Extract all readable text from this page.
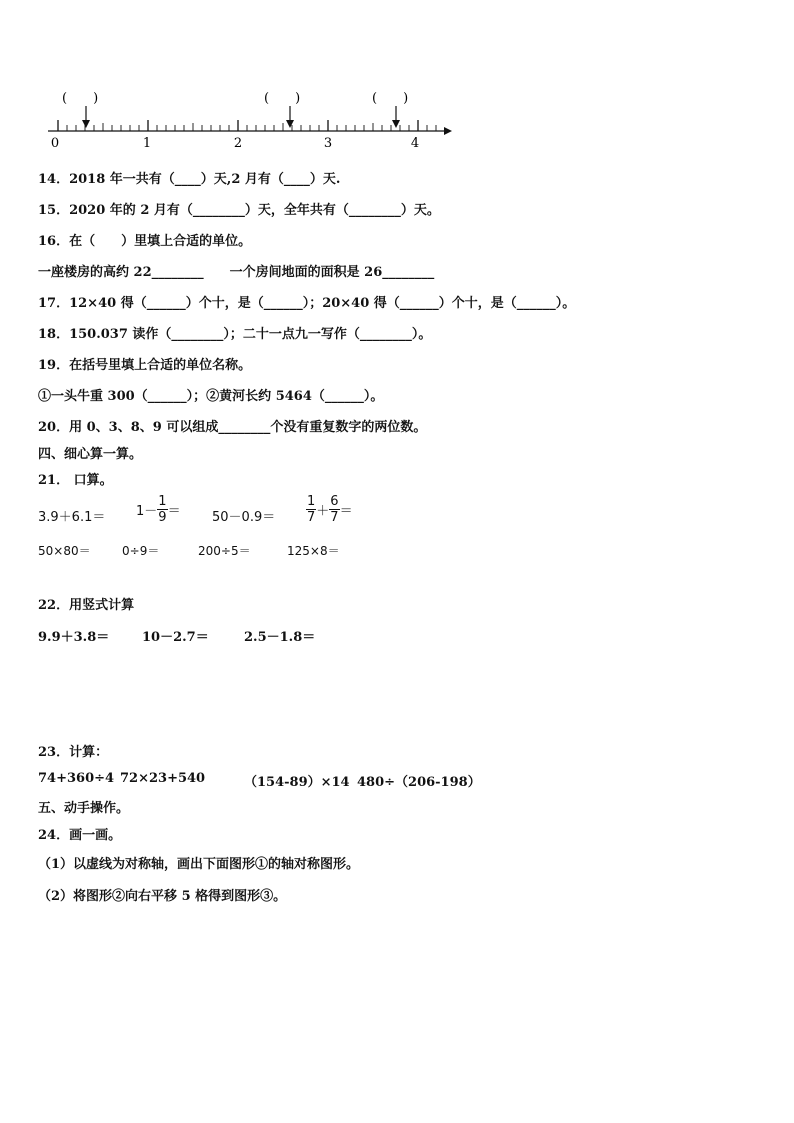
(　　)	(　　)	(　　)
0	1	2	3	4
14．2018 年一共有（____）天,2 月有（____）天.
15．2020 年的 2 月有（________）天，全年共有（________）天。
16．在（　　）里填上合适的单位。
一座楼房的高约 22________　　一个房间地面的面积是 26________
17．12×40 得（______）个十，是（______）；20×40 得（______）个十，是（______）。
18．150.037 读作（________）；二十一点九一写作（________）。
19．在括号里填上合适的单位名称。
①一头牛重 300（______）；②黄河长约 5464（______）。
20．用 0、3、8、9 可以组成________个没有重复数字的两位数。
四、细心算一算。
21． 口算。
$3.9+6.1= 1- \frac{1}{9} = 50-0.9= \frac{1}{7} + \frac{6}{7}$ ＝
50×80＝	0÷9＝	200÷5＝	125×8＝
22．用竖式计算
9.9＋3.8＝	10－2.7＝	2.5－1.8＝
23．计算：
74+360÷4 72×23+540	（154-89）×14 480÷（206-198）
五、动手操作。
24．画一画。
（1）以虚线为对称轴，画出下面图形①的轴对称图形。
（2）将图形②向右平移 5 格得到图形③。
